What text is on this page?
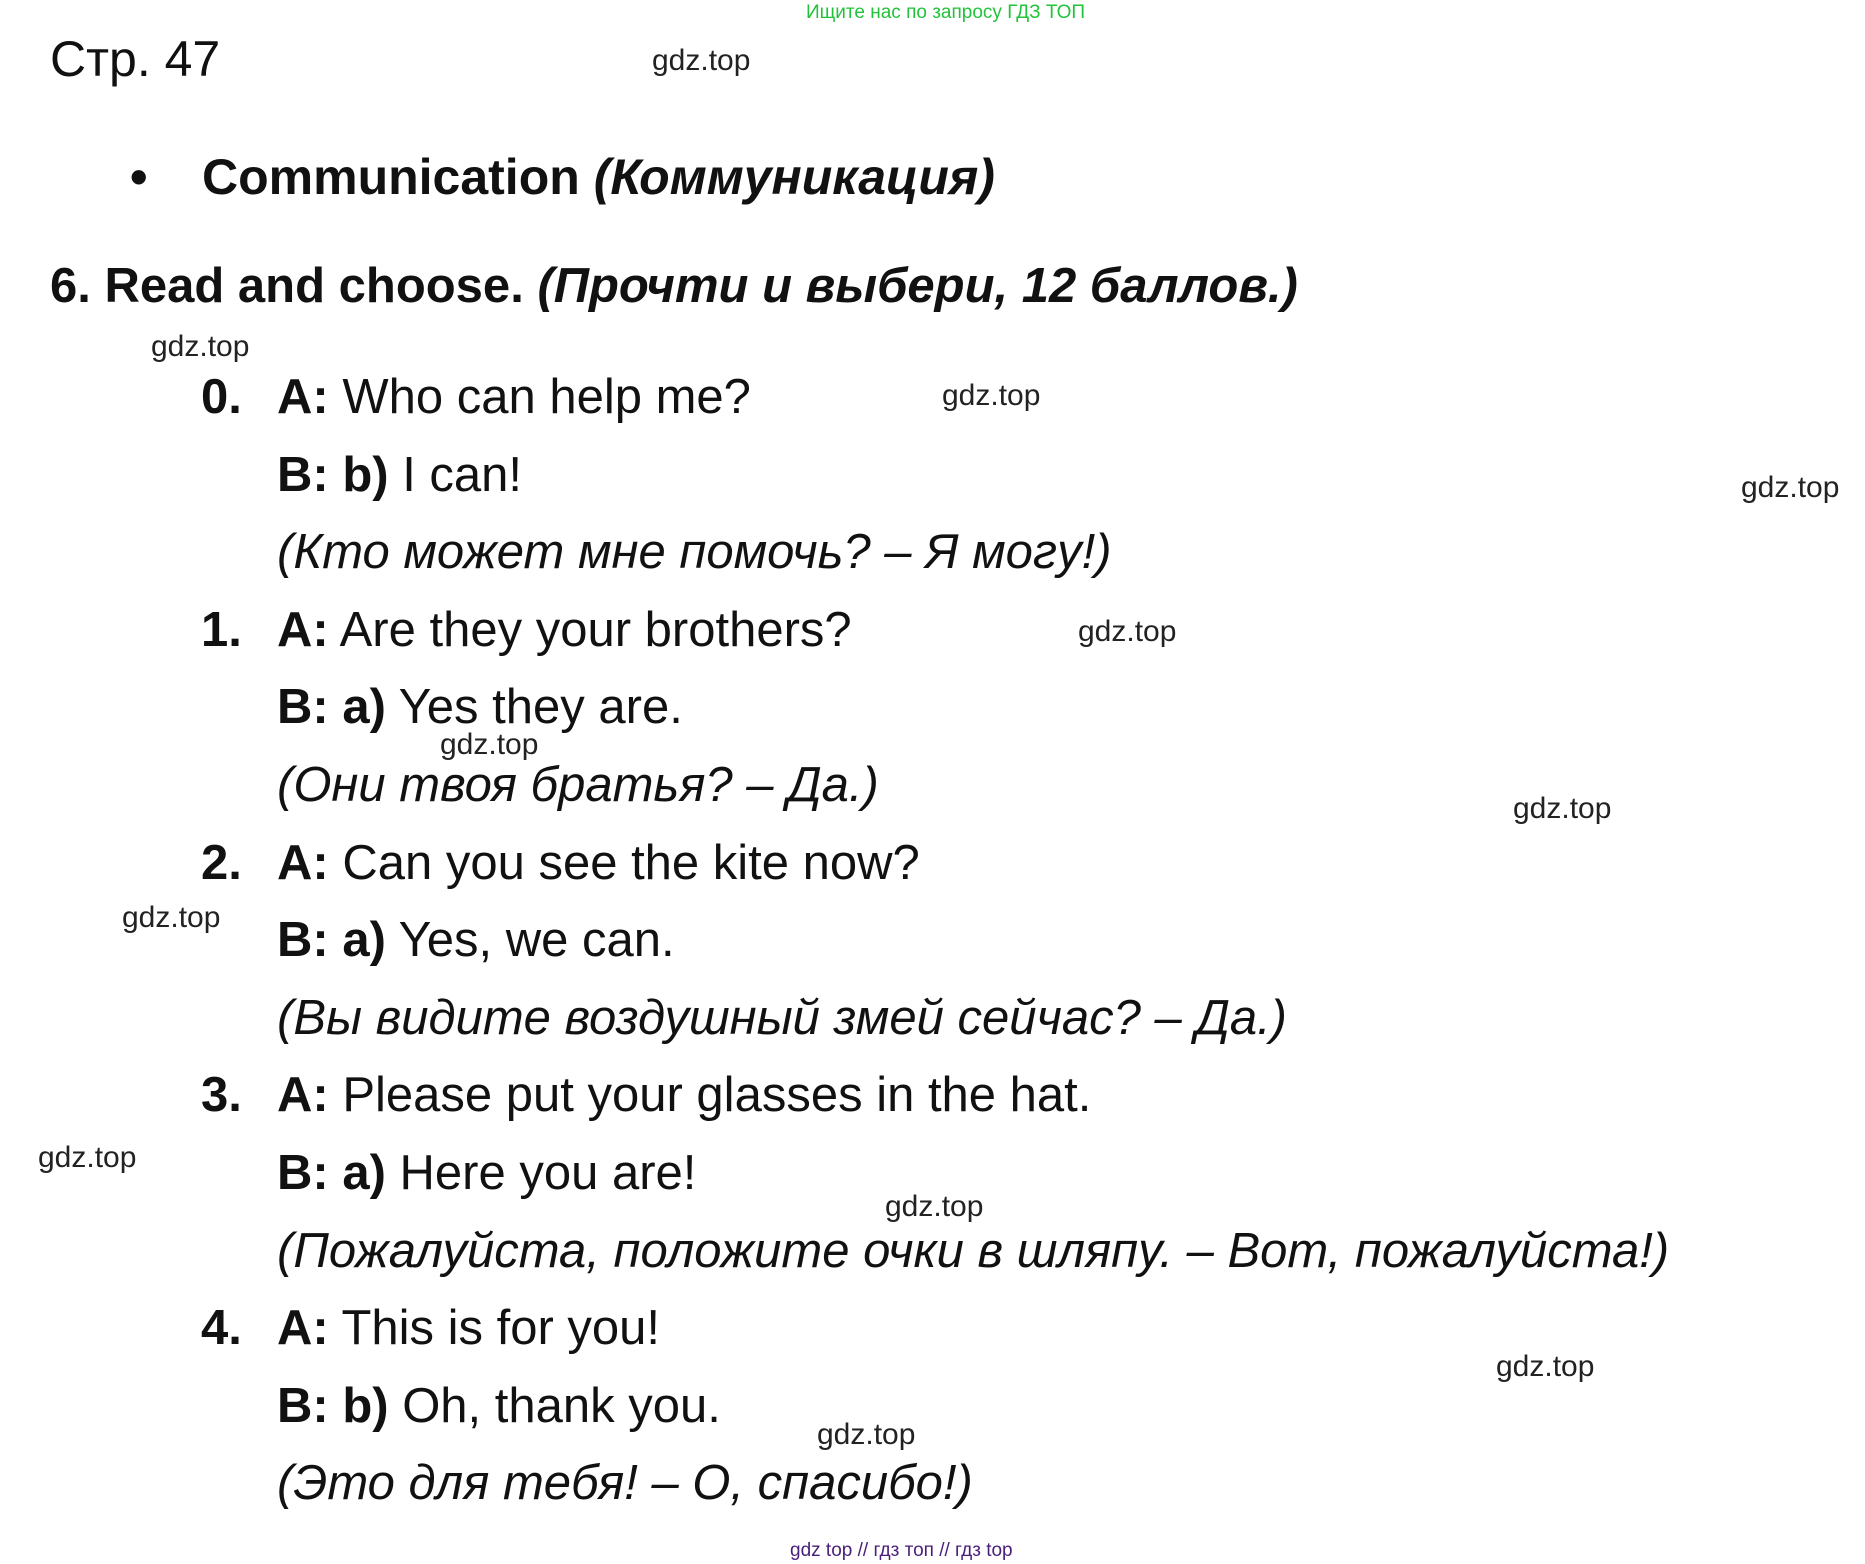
Ищите нас по запросу ГДЗ ТОП
Стр. 47
• Communication (Коммуникация)
6. Read and choose. (Прочти и выбери, 12 баллов.)
0. A: Who can help me?
B: b) I can!
(Кто может мне помочь? – Я могу!)
1. A: Are they your brothers?
B: a) Yes they are.
(Они твоя братья? – Да.)
2. A: Can you see the kite now?
B: a) Yes, we can.
(Вы видите воздушный змей сейчас? – Да.)
3. A: Please put your glasses in the hat.
B: a) Here you are!
(Пожалуйста, положите очки в шляпу. – Вот, пожалуйста!)
4. A: This is for you!
B: b) Oh, thank you.
(Это для тебя! – О, спасибо!)
gdz.top
gdz.top
gdz.top
gdz.top
gdz.top
gdz.top
gdz.top
gdz.top
gdz.top
gdz.top
gdz.top
gdz.top
gdz top // гдз топ // гдз top
